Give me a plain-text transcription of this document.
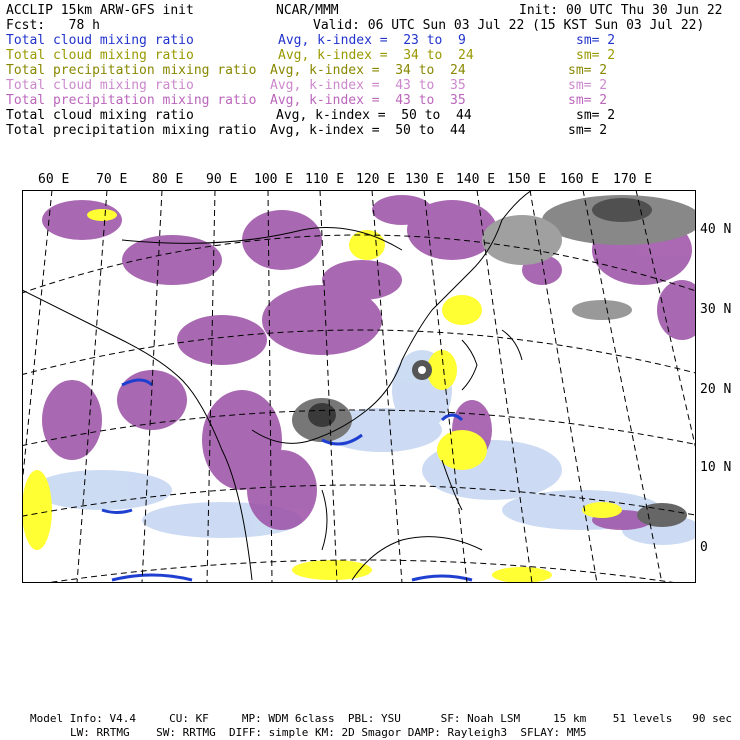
ACCLIP 15km ARW-GFS init	NCAR/MMM	Init: 00 UTC Thu 30 Jun 22
Fcst:   78 h	Valid: 06 UTC Sun 03 Jul 22 (15 KST Sun 03 Jul 22)
Total cloud mixing ratio	Avg, k-index =  23 to  9	sm= 2
Total cloud mixing ratio	Avg, k-index =  34 to  24	sm= 2
Total precipitation mixing ratio Avg, k-index =  34 to  24	sm= 2
Total cloud mixing ratio	Avg, k-index =  43 to  35	sm= 2
Total precipitation mixing ratio Avg, k-index =  43 to  35	sm= 2
Total cloud mixing ratio	Avg, k-index =  50 to  44	sm= 2
Total precipitation mixing ratio Avg, k-index =  50 to  44	sm= 2
60 E 70 E 80 E 90 E 100 E 110 E 120 E 130 E 140 E 150 E 160 E 170 E
40 N
30 N
20 N
10 N
0
Model Info: V4.4     CU: KF     MP: WDM 6class  PBL: YSU      SF: Noah LSM     15 km    51 levels   90 sec
LW: RRTMG    SW: RRTMG  DIFF: simple KM: 2D Smagor DAMP: Rayleigh3  SFLAY: MM5
